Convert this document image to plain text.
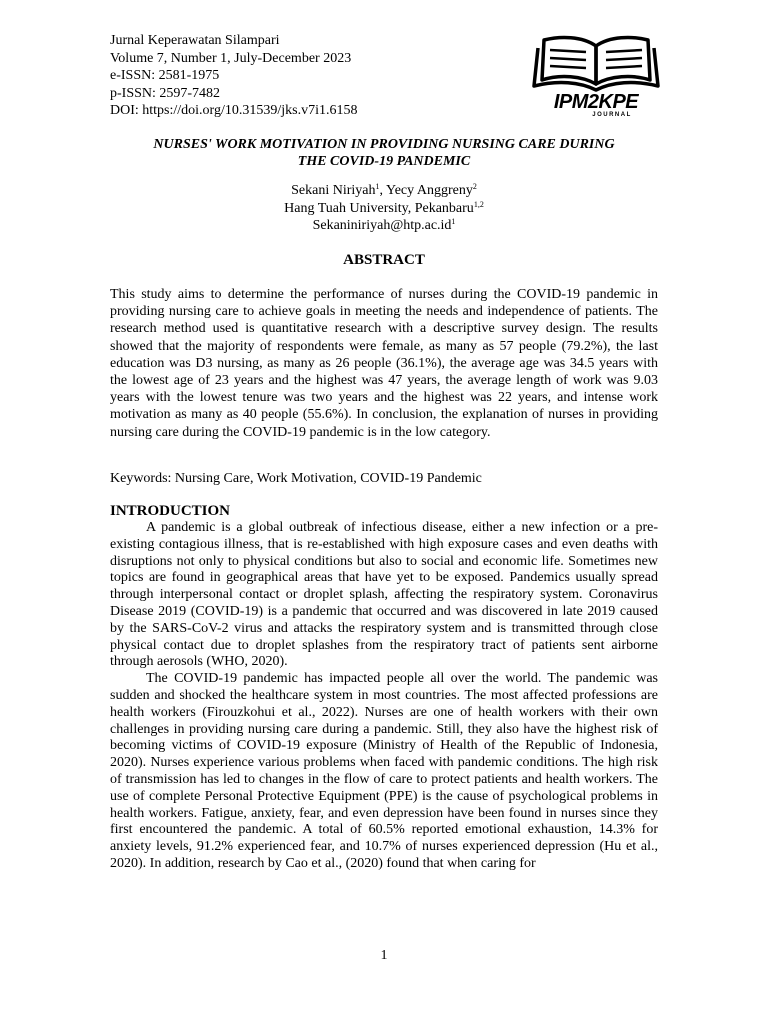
Jurnal Keperawatan Silampari
Volume 7, Number 1, July-December 2023
e-ISSN: 2581-1975
p-ISSN: 2597-7482
DOI: https://doi.org/10.31539/jks.v7i1.6158	IPM2KPE
JOURNAL
NURSES' WORK MOTIVATION IN PROVIDING NURSING CARE DURING
THE COVID-19 PANDEMIC
Sekani Niriyah$^1$, Yecy Anggreny$^2$
Hang Tuah University, Pekanbaru$^{1,2}$
$Sekaniniriyah@htp.ac.id^1$
ABSTRACT
This study aims to determine the performance of nurses during the COVID-19 pandemic in providing nursing care to achieve goals in meeting the needs and independence of patients. The research method used is quantitative research with a descriptive survey design. The results showed that the majority of respondents were female, as many as 57 people (79.2%), the last education was D3 nursing, as many as 26 people (36.1%), the average age was 34.5 years with the lowest age of 23 years and the highest was 47 years, the average length of work was 9.03 years with the lowest tenure was two years and the highest was 22 years, and intense work motivation as many as 40 people (55.6%). In conclusion, the explanation of nurses in providing nursing care during the COVID-19 pandemic is in the low category.
Keywords: Nursing Care, Work Motivation, COVID-19 Pandemic
INTRODUCTION

A pandemic is a global outbreak of infectious disease, either a new infection or a pre-existing contagious illness, that is re-established with high exposure cases and even deaths with disruptions not only to physical conditions but also to social and economic life. Sometimes new topics are found in geographical areas that have yet to be exposed. Pandemics usually spread through interpersonal contact or droplet splash, affecting the respiratory system. Coronavirus Disease 2019 (COVID-19) is a pandemic that occurred and was discovered in late 2019 caused by the SARS-CoV-2 virus and attacks the respiratory system and is transmitted through close physical contact due to droplet splashes from the respiratory tract of patients sent airborne through aerosols (WHO, 2020).

The COVID-19 pandemic has impacted people all over the world. The pandemic was sudden and shocked the healthcare system in most countries. The most affected professions are health workers (Firouzkohui et al., 2022). Nurses are one of health workers with their own challenges in providing nursing care during a pandemic. Still, they also have the highest risk of becoming victims of COVID-19 exposure (Ministry of Health of the Republic of Indonesia, 2020). Nurses experience various problems when faced with pandemic conditions. The high risk of transmission has led to changes in the flow of care to protect patients and health workers. The use of complete Personal Protective Equipment (PPE) is the cause of psychological problems in health workers. Fatigue, anxiety, fear, and even depression have been found in nurses since they first encountered the pandemic. A total of 60.5% reported emotional exhaustion, 14.3% for anxiety levels, 91.2% experienced fear, and 10.7% of nurses experienced depression (Hu et al., 2020). In addition, research by Cao et al., (2020) found that when caring for

1
